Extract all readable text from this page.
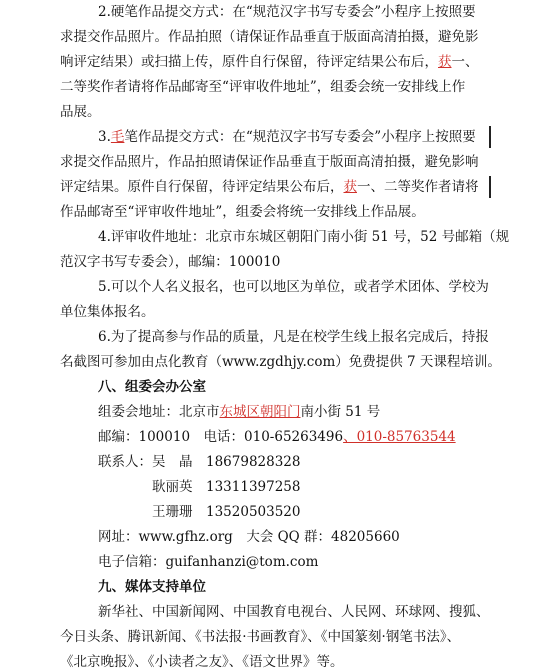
2.硬笔作品提交方式：在“规范汉字书写专委会”小程序上按照要
求提交作品照片。作品拍照（请保证作品垂直于版面高清拍摄，避免影
响评定结果）或扫描上传，原件自行保留，待评定结果公布后，获一、
二等奖作者请将作品邮寄至“评审收件地址”，组委会统一安排线上作
品展。
3.毛笔作品提交方式：在“规范汉字书写专委会”小程序上按照要
求提交作品照片，作品拍照请保证作品垂直于版面高清拍摄，避免影响
评定结果。原件自行保留，待评定结果公布后，获一、二等奖作者请将
作品邮寄至“评审收件地址”，组委会将统一安排线上作品展。
4.评审收件地址：北京市东城区朝阳门南小街 51 号，52 号邮箱（规
范汉字书写专委会），邮编：100010
5.可以个人名义报名，也可以地区为单位，或者学术团体、学校为
单位集体报名。
6.为了提高参与作品的质量，凡是在校学生线上报名完成后，持报
名截图可参加由点化教育（www.zgdhjy.com）免费提供 7 天课程培训。
八、组委会办公室
组委会地址：北京市东城区朝阳门南小街 51 号
邮编：100010　电话：010-65263496、010-85763544
联系人：吴　晶　18679828328
耿丽英　13311397258
王珊珊　13520503520
网址：www.gfhz.org　大会 QQ 群：48205660
电子信箱：guifanhanzi@tom.com
九、媒体支持单位
新华社、中国新闻网、中国教育电视台、人民网、环球网、搜狐、
今日头条、腾讯新闻、《书法报·书画教育》、《中国篆刻·钢笔书法》、
《北京晚报》、《小读者之友》、《语文世界》等。
